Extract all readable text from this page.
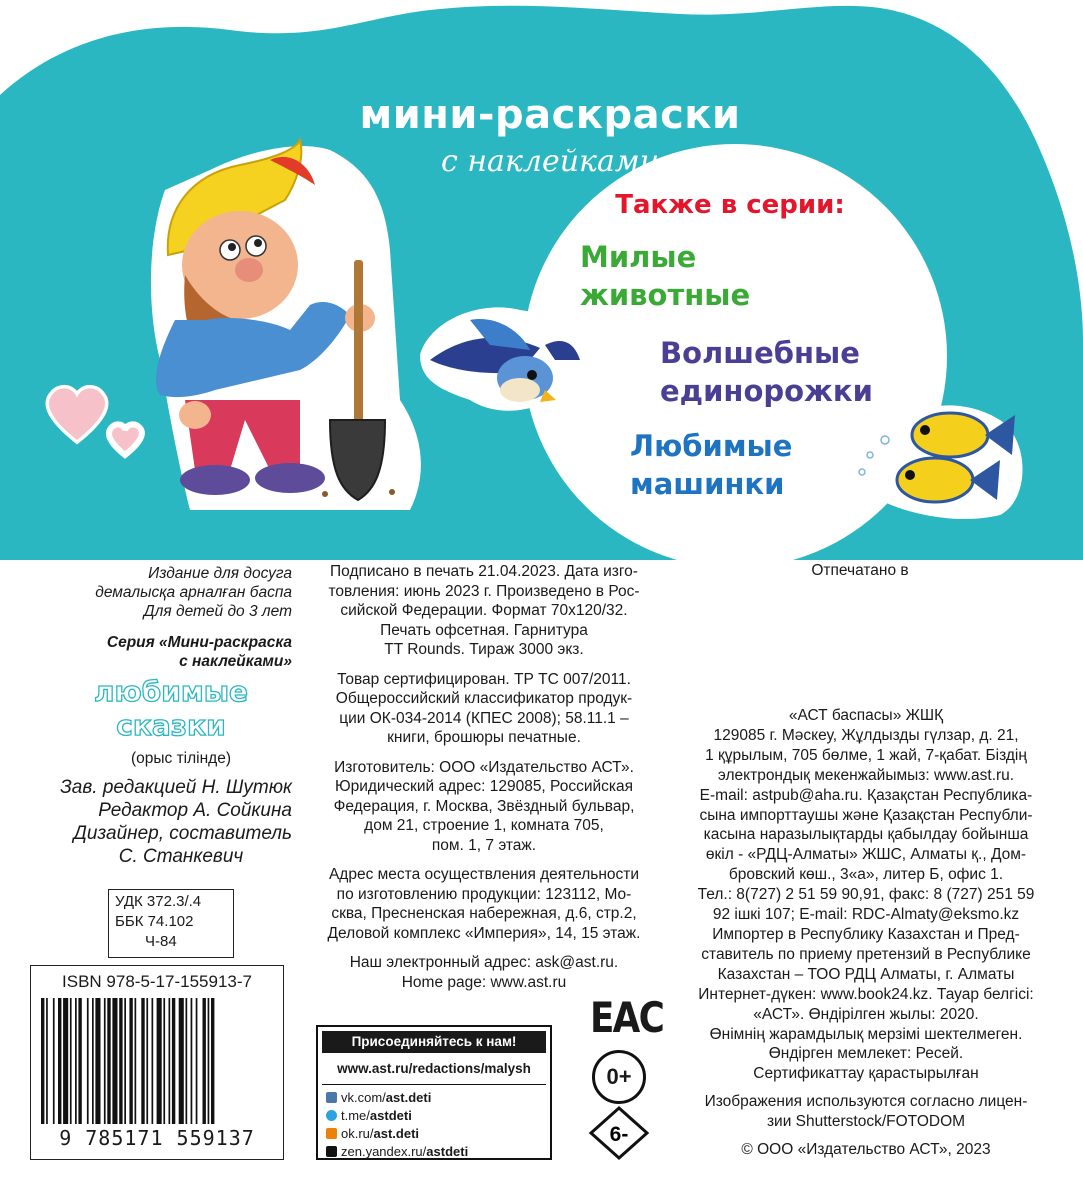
мини-раскраски
с наклейками
Также в серии:
Милые
животные
Волшебные
единорожки
Любимые
машинки
Издание для досуга
демалысқа арналған баспа
Для детей до 3 лет
Серия «Мини-раскраска
с наклейками»
любимые
сказки
(орыс тілінде)
Зав. редакцией Н. Шутюк
Редактор А. Сойкина
Дизайнер, составитель
С. Станкевич
УДК 372.3/.4
ББК 74.102
Ч-84
ISBN 978-5-17-155913-7
9 785171 559137

Подписано в печать 21.04.2023. Дата изго-
товления: июнь 2023 г. Произведено в Рос-
сийской Федерации. Формат 70x120/32.
Печать офсетная. Гарнитура
TT Rounds. Тираж 3000 экз.

Товар сертифицирован. ТР ТС 007/2011.
Общероссийский классификатор продук-
ции ОК-034-2014 (КПЕС 2008); 58.11.1 –
книги, брошюры печатные.

Изготовитель: ООО «Издательство АСТ».
Юридический адрес: 129085, Российская
Федерация, г. Москва, Звёздный бульвар,
дом 21, строение 1, комната 705,
пом. 1, 7 этаж.

Адрес места осуществления деятельности
по изготовлению продукции: 123112, Мо-
сква, Пресненская набережная, д.6, стр.2,
Деловой комплекс «Империя», 14, 15 этаж.

Наш электронный адрес: ask@ast.ru.
Home page: www.ast.ru

Присоединяйтесь к нам!
www.ast.ru/redactions/malysh
vk.com/ast.deti
t.me/astdeti
ok.ru/ast.deti
zen.yandex.ru/astdeti
EAC
0+
6-
Отпечатано в

«АСТ баспасы» ЖШҚ

129085 г. Мәскеу, Жұлдызды гүлзар, д. 21,

1 құрылым, 705 бөлме, 1 жай, 7-қабат. Біздің

электрондық мекенжайымыз: www.ast.ru.

E-mail: astpub@aha.ru. Қазақстан Республика-

сына импорттаушы және Қазақстан Республи-

касына наразылықтарды қабылдау бойынша

өкіл - «РДЦ-Алматы» ЖШС, Алматы қ., Дом-

бровский көш., 3«а», литер Б, офис 1.

Тел.: 8(727) 2 51 59 90,91, факс: 8 (727) 251 59

92 ішкі 107; E-mail: RDC-Almaty@eksmo.kz

Импортер в Республику Казахстан и Пред-

ставитель по приему претензий в Республике

Казахстан – ТОО РДЦ Алматы, г. Алматы

Интернет-дүкен: www.book24.kz. Тауар белгісі:

«АСТ». Өндірілген жылы: 2020.

Өнімнің жарамдылық мерзімі шектелмеген.

Өндірген мемлекет: Ресей.

Сертификаттау қарастырылған

Изображения используются согласно лицен-

зии Shutterstock/FOTODOM

© ООО «Издательство АСТ», 2023
